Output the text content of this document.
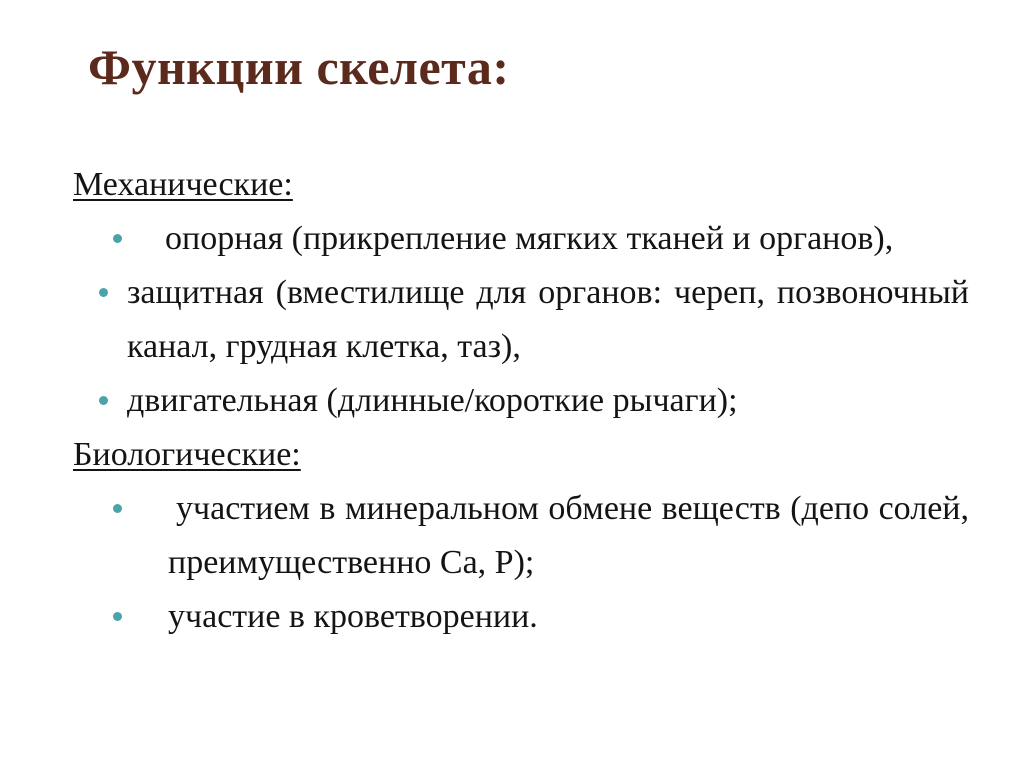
Функции скелета:
Механические:
опорная (прикрепление мягких тканей и органов),
защитная (вместилище для органов: череп, позвоночный канал, грудная клетка, таз),
двигательная (длинные/короткие рычаги);
Биологические:
участием в минеральном обмене веществ (депо солей, преимущественно Ca, P);
участие в кроветворении.
